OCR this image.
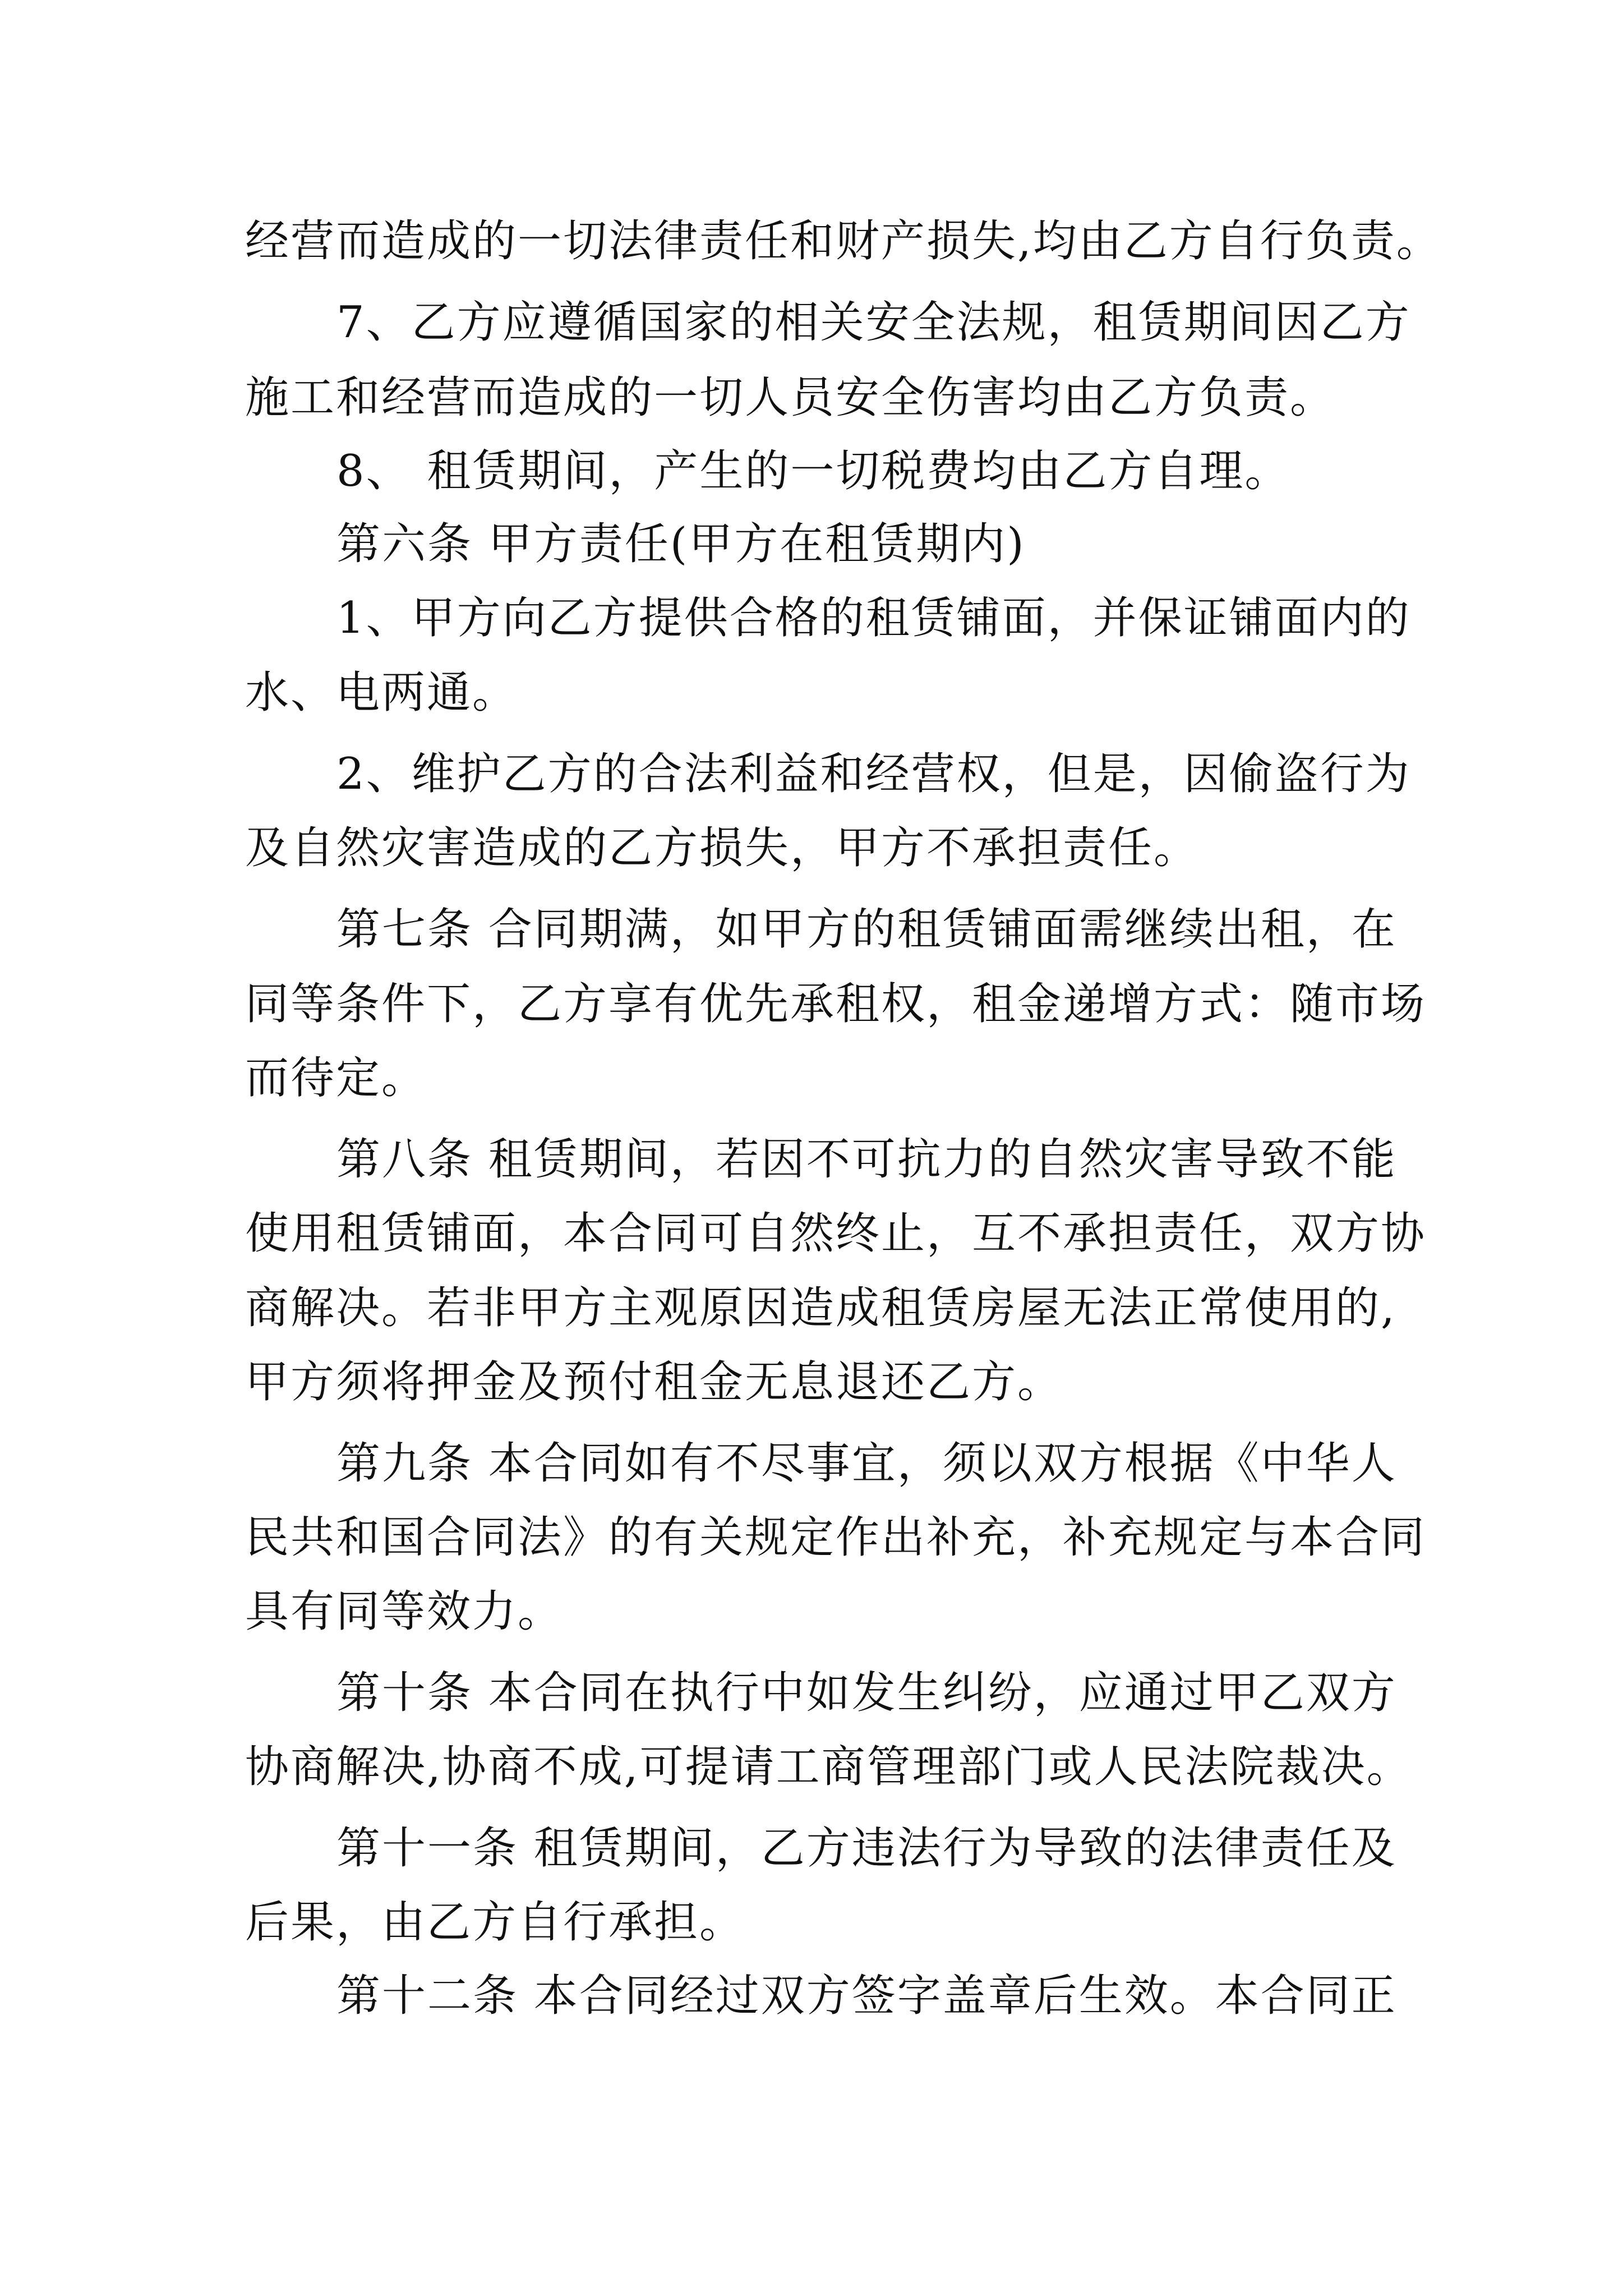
经营而造成的一切法律责任和财产损失,均由乙方自行负责。
7、乙方应遵循国家的相关安全法规，租赁期间因乙方
施工和经营而造成的一切人员安全伤害均由乙方负责。
8、 租赁期间，产生的一切税费均由乙方自理。
第六条 甲方责任(甲方在租赁期内)
1、甲方向乙方提供合格的租赁铺面，并保证铺面内的
水、电两通。
2、维护乙方的合法利益和经营权，但是，因偷盗行为
及自然灾害造成的乙方损失，甲方不承担责任。
第七条 合同期满，如甲方的租赁铺面需继续出租，在
同等条件下，乙方享有优先承租权，租金递增方式：随市场
而待定。
第八条 租赁期间，若因不可抗力的自然灾害导致不能
使用租赁铺面，本合同可自然终止，互不承担责任，双方协
商解决。若非甲方主观原因造成租赁房屋无法正常使用的,
甲方须将押金及预付租金无息退还乙方。
第九条 本合同如有不尽事宜，须以双方根据《中华人
民共和国合同法》的有关规定作出补充，补充规定与本合同
具有同等效力。
第十条 本合同在执行中如发生纠纷，应通过甲乙双方
协商解决,协商不成,可提请工商管理部门或人民法院裁决。
第十一条 租赁期间，乙方违法行为导致的法律责任及
后果，由乙方自行承担。
第十二条 本合同经过双方签字盖章后生效。本合同正
